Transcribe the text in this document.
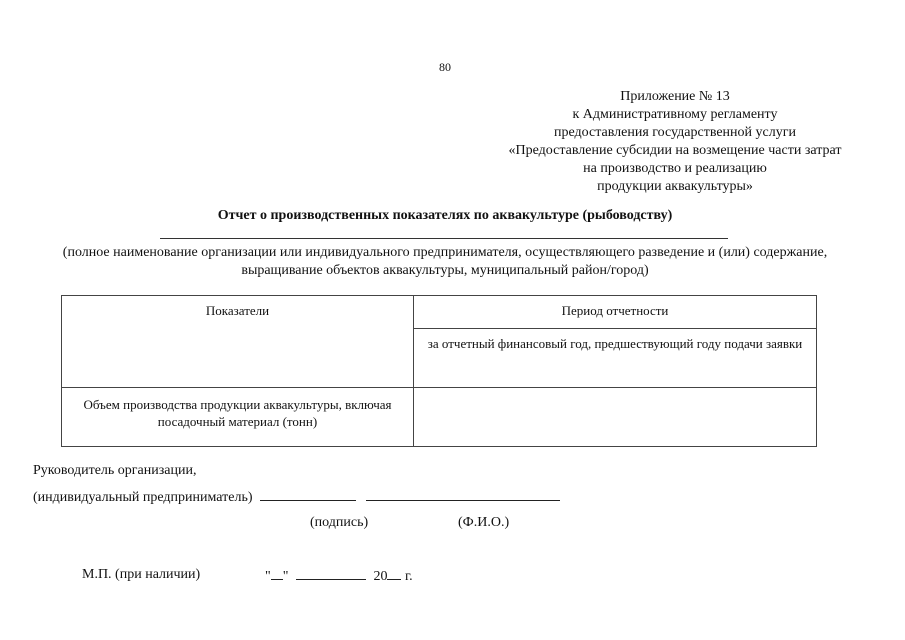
80
Приложение № 13
к Административному регламенту
предоставления государственной услуги
«Предоставление субсидии на возмещение части затрат
на производство и реализацию
продукции аквакультуры»
Отчет о производственных показателях по аквакультуре (рыбоводству)
(полное наименование организации или индивидуального предпринимателя, осуществляющего разведение и (или) содержание,
выращивание объектов аквакультуры, муниципальный район/город)
Показатели	Период отчетности
	за отчетный финансовый год, предшествующий году подачи заявки
Объем производства продукции аквакультуры, включая посадочный материал (тонн)	
Руководитель организации,
(индивидуальный предприниматель)
(подпись)	(Ф.И.О.)
М.П. (при наличии)	" "	20 г.
